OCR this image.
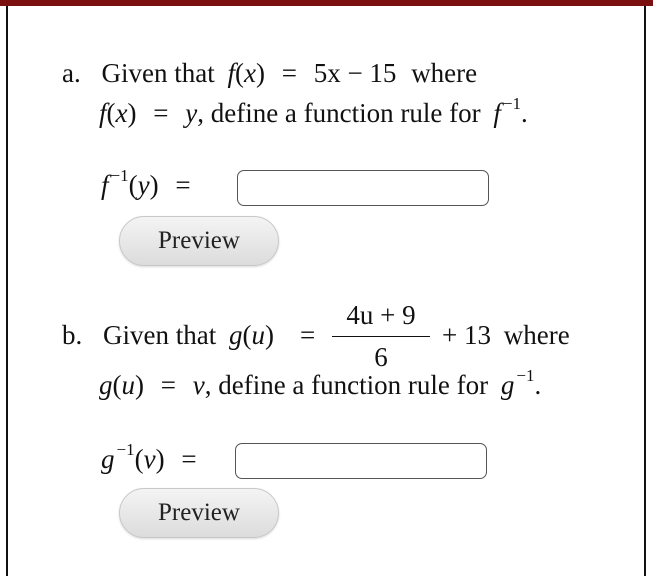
a. Given that f(x) = 5x − 15 where
f(x) = y, define a function rule for f $^{-1}$.
f $^{-1}$(y) =
Preview
b. Given that g(u) =
4u + 9
6
+ 13 where
g(u) = v, define a function rule for g $^{-1}$.
g $^{-1}$(v) =
Preview
